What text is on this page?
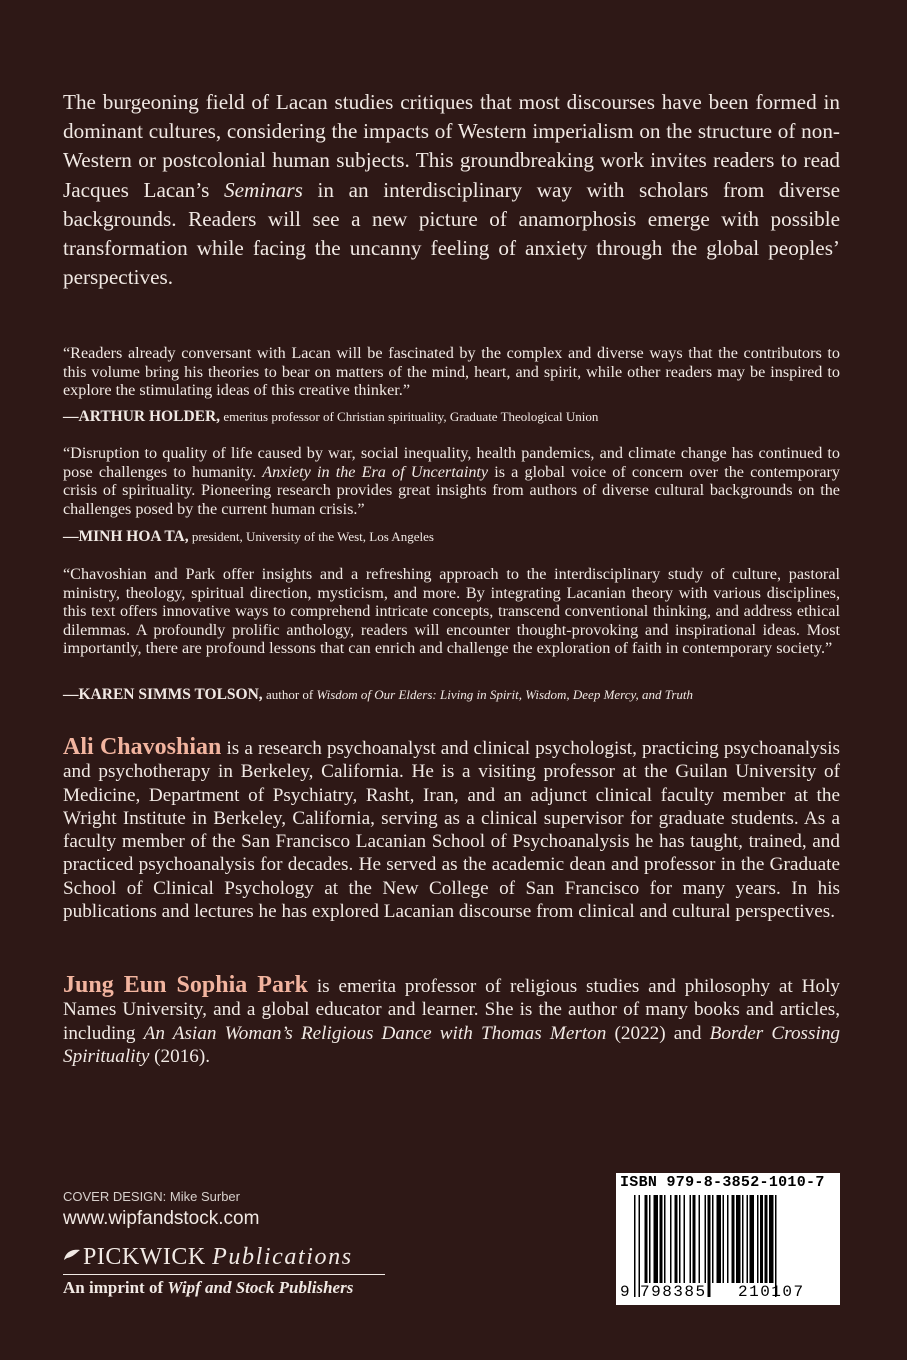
The burgeoning field of Lacan studies critiques that most discourses have been formed in dominant cultures, considering the impacts of Western imperialism on the structure of non-Western or postcolonial human subjects. This groundbreaking work invites readers to read Jacques Lacan’s Seminars in an interdisciplinary way with scholars from diverse backgrounds. Readers will see a new picture of anamorphosis emerge with possible transformation while facing the uncanny feeling of anxiety through the global peoples’ perspectives.

“Readers already conversant with Lacan will be fascinated by the complex and diverse ways that the contributors to this volume bring his theories to bear on matters of the mind, heart, and spirit, while other readers may be inspired to explore the stimulating ideas of this creative thinker.”

—ARTHUR HOLDER, emeritus professor of Christian spirituality, Graduate Theological Union

“Disruption to quality of life caused by war, social inequality, health pandemics, and climate change has continued to pose challenges to humanity. Anxiety in the Era of Uncertainty is a global voice of concern over the contemporary crisis of spirituality. Pioneering research provides great insights from authors of diverse cultural backgrounds on the challenges posed by the current human crisis.”

—MINH HOA TA, president, University of the West, Los Angeles

“Chavoshian and Park offer insights and a refreshing approach to the interdisciplinary study of culture, pastoral ministry, theology, spiritual direction, mysticism, and more. By integrating Lacanian theory with various disciplines, this text offers innovative ways to comprehend intricate concepts, transcend conventional thinking, and address ethical dilemmas. A profoundly prolific anthology, readers will encounter thought-provoking and inspirational ideas. Most importantly, there are profound lessons that can enrich and challenge the exploration of faith in contemporary society.”

—KAREN SIMMS TOLSON, author of Wisdom of Our Elders: Living in Spirit, Wisdom, Deep Mercy, and Truth

Ali Chavoshian is a research psychoanalyst and clinical psychologist, practicing psychoanalysis and psychotherapy in Berkeley, California. He is a visiting professor at the Guilan University of Medicine, Department of Psychiatry, Rasht, Iran, and an adjunct clinical faculty member at the Wright Institute in Berkeley, California, serving as a clinical supervisor for graduate students. As a faculty member of the San Francisco Lacanian School of Psychoanalysis he has taught, trained, and practiced psychoanalysis for decades. He served as the academic dean and professor in the Graduate School of Clinical Psychology at the New College of San Francisco for many years. In his publications and lectures he has explored Lacanian discourse from clinical and cultural perspectives.

Jung Eun Sophia Park is emerita professor of religious studies and philosophy at Holy Names University, and a global educator and learner. She is the author of many books and articles, including An Asian Woman’s Religious Dance with Thomas Merton (2022) and Border Crossing Spirituality (2016).

COVER DESIGN: Mike Surber
www.wipfandstock.com
PICKWICK Publications
An imprint of Wipf and Stock Publishers
ISBN 979-8-3852-1010-7
9 798385 210107
